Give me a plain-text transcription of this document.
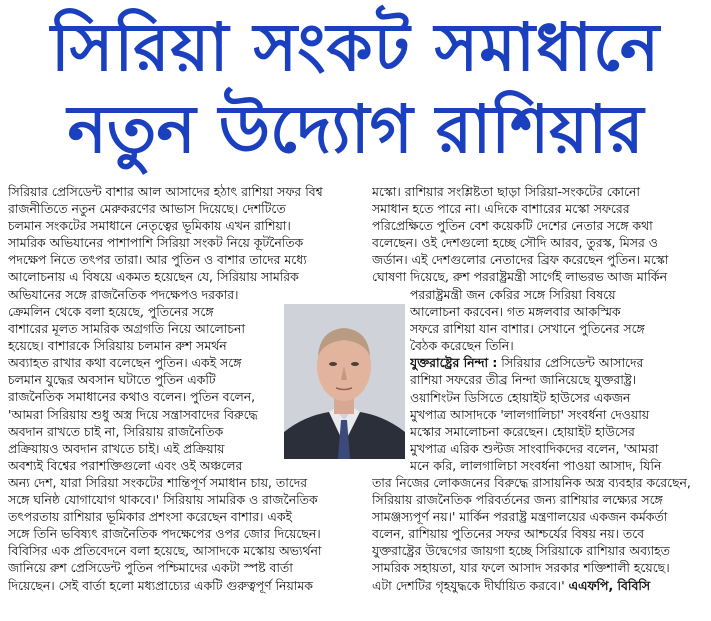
সিরিয়া সংকট সমাধানে
নতুন উদ্যোগ রাশিয়ার
সিরিয়ার প্রেসিডেন্ট বাশার আল আসাদের হঠাৎ রাশিয়া সফর বিশ্ব
রাজনীতিতে নতুন মেরুকরণের আভাস দিয়েছে। দেশটিতে
চলমান সংকটের সমাধানে নেতৃত্বের ভূমিকায় এখন রাশিয়া।
সামরিক অভিযানের পাশাপাশি সিরিয়া সংকট নিয়ে কূটনৈতিক
পদক্ষেপ নিতে তৎপর তারা। আর পুতিন ও বাশার তাদের মধ্যে
আলোচনায় এ বিষয়ে একমত হয়েছেন যে, সিরিয়ায় সামরিক
অভিযানের সঙ্গে রাজনৈতিক পদক্ষেপও দরকার।
ক্রেমলিন থেকে বলা হয়েছে, পুতিনের সঙ্গে
বাশারের মূলত সামরিক অগ্রগতি নিয়ে আলোচনা
হয়েছে। বাশারকে সিরিয়ায় চলমান রুশ সমর্থন
অব্যাহত রাখার কথা বলেছেন পুতিন। একই সঙ্গে
চলমান যুদ্ধের অবসান ঘটাতে পুতিন একটি
রাজনৈতিক সমাধানের কথাও বলেন। পুতিন বলেন,
'আমরা সিরিয়ায় শুধু অস্ত্র দিয়ে সন্ত্রাসবাদের বিরুদ্ধে
অবদান রাখতে চাই না, সিরিয়ায় রাজনৈতিক
প্রক্রিয়ায়ও অবদান রাখতে চাই। এই প্রক্রিয়ায়
অবশ্যই বিশ্বের পরাশক্তিগুলো এবং ওই অঞ্চলের
অন্য দেশ, যারা সিরিয়া সংকটের শান্তিপূর্ণ সমাধান চায়, তাদের
সঙ্গে ঘনিষ্ঠ যোগাযোগ থাকবে।' সিরিয়ায় সামরিক ও রাজনৈতিক
তৎপরতায় রাশিয়ার ভূমিকার প্রশংসা করেছেন বাশার। একই
সঙ্গে তিনি ভবিষ্যৎ রাজনৈতিক পদক্ষেপের ওপর জোর দিয়েছেন।
বিবিসির এক প্রতিবেদনে বলা হয়েছে, আসাদকে মস্কোয় অভ্যর্থনা
জানিয়ে রুশ প্রেসিডেন্ট পুতিন পশ্চিমাদের একটা স্পষ্ট বার্তা
দিয়েছেন। সেই বার্তা হলো মধ্যপ্রাচ্যের একটি গুরুত্বপূর্ণ নিয়ামক
মস্কো। রাশিয়ার সংশ্লিষ্টতা ছাড়া সিরিয়া-সংকটের কোনো
সমাধান হতে পারে না। এদিকে বাশারের মস্কো সফরের
পরিপ্রেক্ষিতে পুতিন বেশ কয়েকটি দেশের নেতার সঙ্গে কথা
বলেছেন। ওই দেশগুলো হচ্ছে সৌদি আরব, তুরস্ক, মিসর ও
জর্ডান। এই দেশগুলোর নেতাদের ব্রিফ করেছেন পুতিন। মস্কো
ঘোষণা দিয়েছে, রুশ পররাষ্ট্রমন্ত্রী সার্গেই লাভরভ আজ মার্কিন
পররাষ্ট্রমন্ত্রী জন কেরির সঙ্গে সিরিয়া বিষয়ে
আলোচনা করবেন। গত মঙ্গলবার আকস্মিক
সফরে রাশিয়া যান বাশার। সেখানে পুতিনের সঙ্গে
বৈঠক করেছেন তিনি।
যুক্তরাষ্ট্রের নিন্দা : সিরিয়ার প্রেসিডেন্ট আসাদের
রাশিয়া সফরের তীব্র নিন্দা জানিয়েছে যুক্তরাষ্ট্র।
ওয়াশিংটন ডিসিতে হোয়াইট হাউসের একজন
মুখপাত্র আসাদকে 'লালগালিচা' সংবর্ধনা দেওয়ায়
মস্কোর সমালোচনা করেছেন। হোয়াইট হাউসের
মুখপাত্র এরিক শুল্টজ সাংবাদিকদের বলেন, 'আমরা
মনে করি, লালগালিচা সংবর্ধনা পাওয়া আসাদ, যিনি
তার নিজের লোকজনের বিরুদ্ধে রাসায়নিক অস্ত্র ব্যবহার করেছেন,
সিরিয়ায় রাজনৈতিক পরিবর্তনের জন্য রাশিয়ার লক্ষ্যের সঙ্গে
সামঞ্জস্যপূর্ণ নয়।' মার্কিন পররাষ্ট্র মন্ত্রণালয়ের একজন কর্মকর্তা
বলেন, রাশিয়ায় পুতিনের সফর আশ্চর্যের বিষয় নয়। তবে
যুক্তরাষ্ট্রের উদ্বেগের জায়গা হচ্ছে সিরিয়াকে রাশিয়ার অব্যাহত
সামরিক সহায়তা, যার ফলে আসাদ সরকার শক্তিশালী হয়েছে।
এটা দেশটির গৃহযুদ্ধকে দীর্ঘায়িত করবে।' এএফপি, বিবিসি
